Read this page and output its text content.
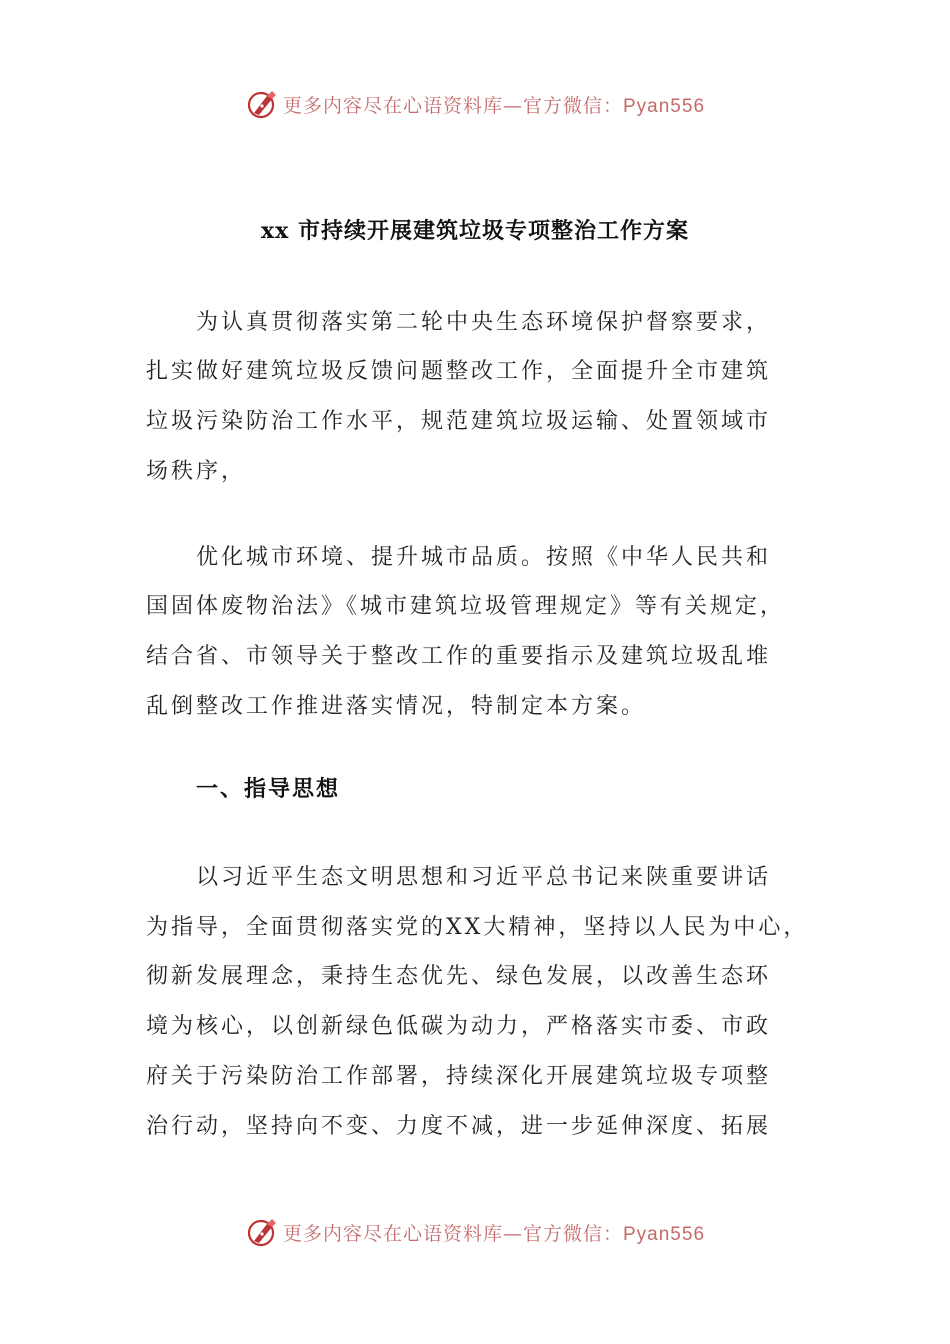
更多内容尽在心语资料库—官方微信：Pyan556
xx 市持续开展建筑垃圾专项整治工作方案
为认真贯彻落实第二轮中央生态环境保护督察要求，
扎实做好建筑垃圾反馈问题整改工作，全面提升全市建筑
垃圾污染防治工作水平，规范建筑垃圾运输、处置领域市
场秩序，
优化城市环境、提升城市品质。按照《中华人民共和
国固体废物治法》《城市建筑垃圾管理规定》等有关规定，
结合省、市领导关于整改工作的重要指示及建筑垃圾乱堆
乱倒整改工作推进落实情况，特制定本方案。
一、指导思想
以习近平生态文明思想和习近平总书记来陕重要讲话
为指导，全面贯彻落实党的XX大精神，坚持以人民为中心，
彻新发展理念，秉持生态优先、绿色发展，以改善生态环
境为核心，以创新绿色低碳为动力，严格落实市委、市政
府关于污染防治工作部署，持续深化开展建筑垃圾专项整
治行动，坚持向不变、力度不减，进一步延伸深度、拓展
更多内容尽在心语资料库—官方微信：Pyan556
